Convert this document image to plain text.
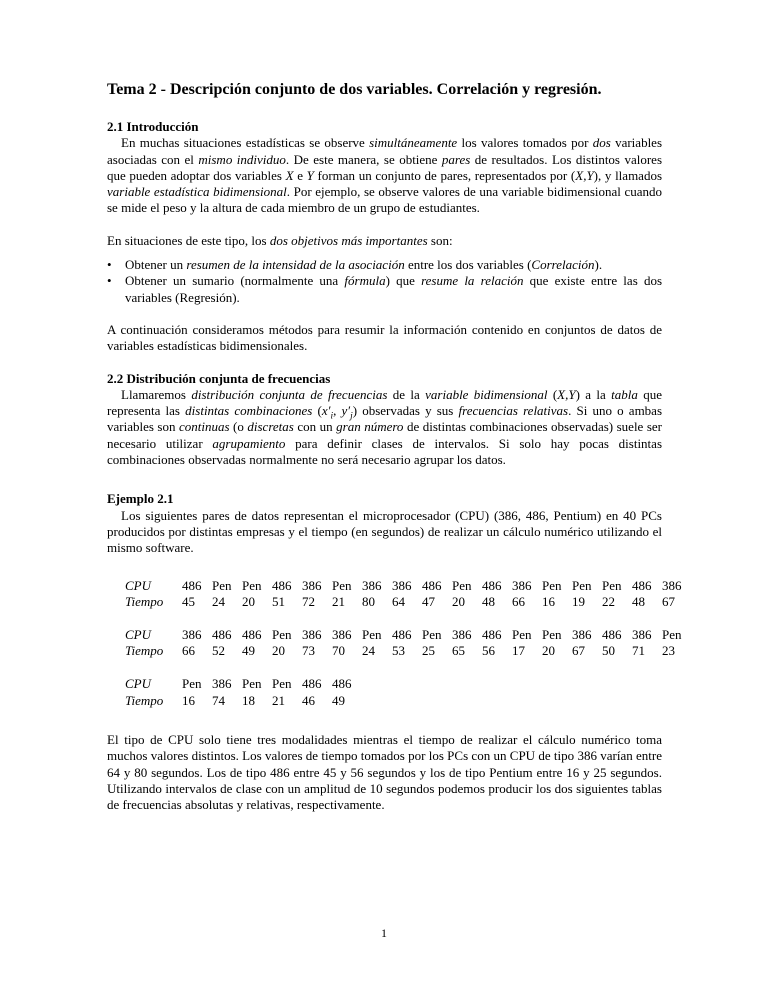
Tema 2 - Descripción conjunto de dos variables. Correlación y regresión.

2.1 Introducción

En muchas situaciones estadísticas se observe simultáneamente los valores tomados por dos variables asociadas con el mismo individuo. De este manera, se obtiene pares de resultados. Los distintos valores que pueden adoptar dos variables X e Y forman un conjunto de pares, representados por (X,Y), y llamados variable estadística bidimensional. Por ejemplo, se observe valores de una variable bidimensional cuando se mide el peso y la altura de cada miembro de un grupo de estudiantes.

En situaciones de este tipo, los dos objetivos más importantes son:

•	Obtener un resumen de la intensidad de la asociación entre los dos variables (Correlación).
•	Obtener un sumario (normalmente una fórmula) que resume la relación que existe entre las dos variables (Regresión).

A continuación consideramos métodos para resumir la información contenido en conjuntos de datos de variables estadísticas bidimensionales.

2.2 Distribución conjunta de frecuencias

Llamaremos distribución conjunta de frecuencias de la variable bidimensional (X,Y) a la tabla que representa las distintas combinaciones ($x'_i$, $y'_j$) observadas y sus frecuencias relativas. Si uno o ambas variables son continuas (o discretas con un gran número de distintas combinaciones observadas) suele ser necesario utilizar agrupamiento para definir clases de intervalos. Si solo hay pocas distintas combinaciones observadas normalmente no será necesario agrupar los datos.

Ejemplo 2.1

Los siguientes pares de datos representan el microprocesador (CPU) (386, 486, Pentium) en 40 PCs producidos por distintas empresas y el tiempo (en segundos) de realizar un cálculo numérico utilizando el mismo software.

CPU	486	Pen	Pen	486	386	Pen	386	386	486	Pen	486	386	Pen	Pen	Pen	486	386
Tiempo	45	24	20	51	72	21	80	64	47	20	48	66	16	19	22	48	67
CPU	386	486	486	Pen	386	386	Pen	486	Pen	386	486	Pen	Pen	386	486	386	Pen
Tiempo	66	52	49	20	73	70	24	53	25	65	56	17	20	67	50	71	23
CPU	Pen	386	Pen	Pen	486	486
Tiempo	16	74	18	21	46	49

El tipo de CPU solo tiene tres modalidades mientras el tiempo de realizar el cálculo numérico toma muchos valores distintos. Los valores de tiempo tomados por los PCs con un CPU de tipo 386 varían entre 64 y 80 segundos. Los de tipo 486 entre 45 y 56 segundos y los de tipo Pentium entre 16 y 25 segundos. Utilizando intervalos de clase con un amplitud de 10 segundos podemos producir los dos siguientes tablas de frecuencias absolutas y relativas, respectivamente.

1
